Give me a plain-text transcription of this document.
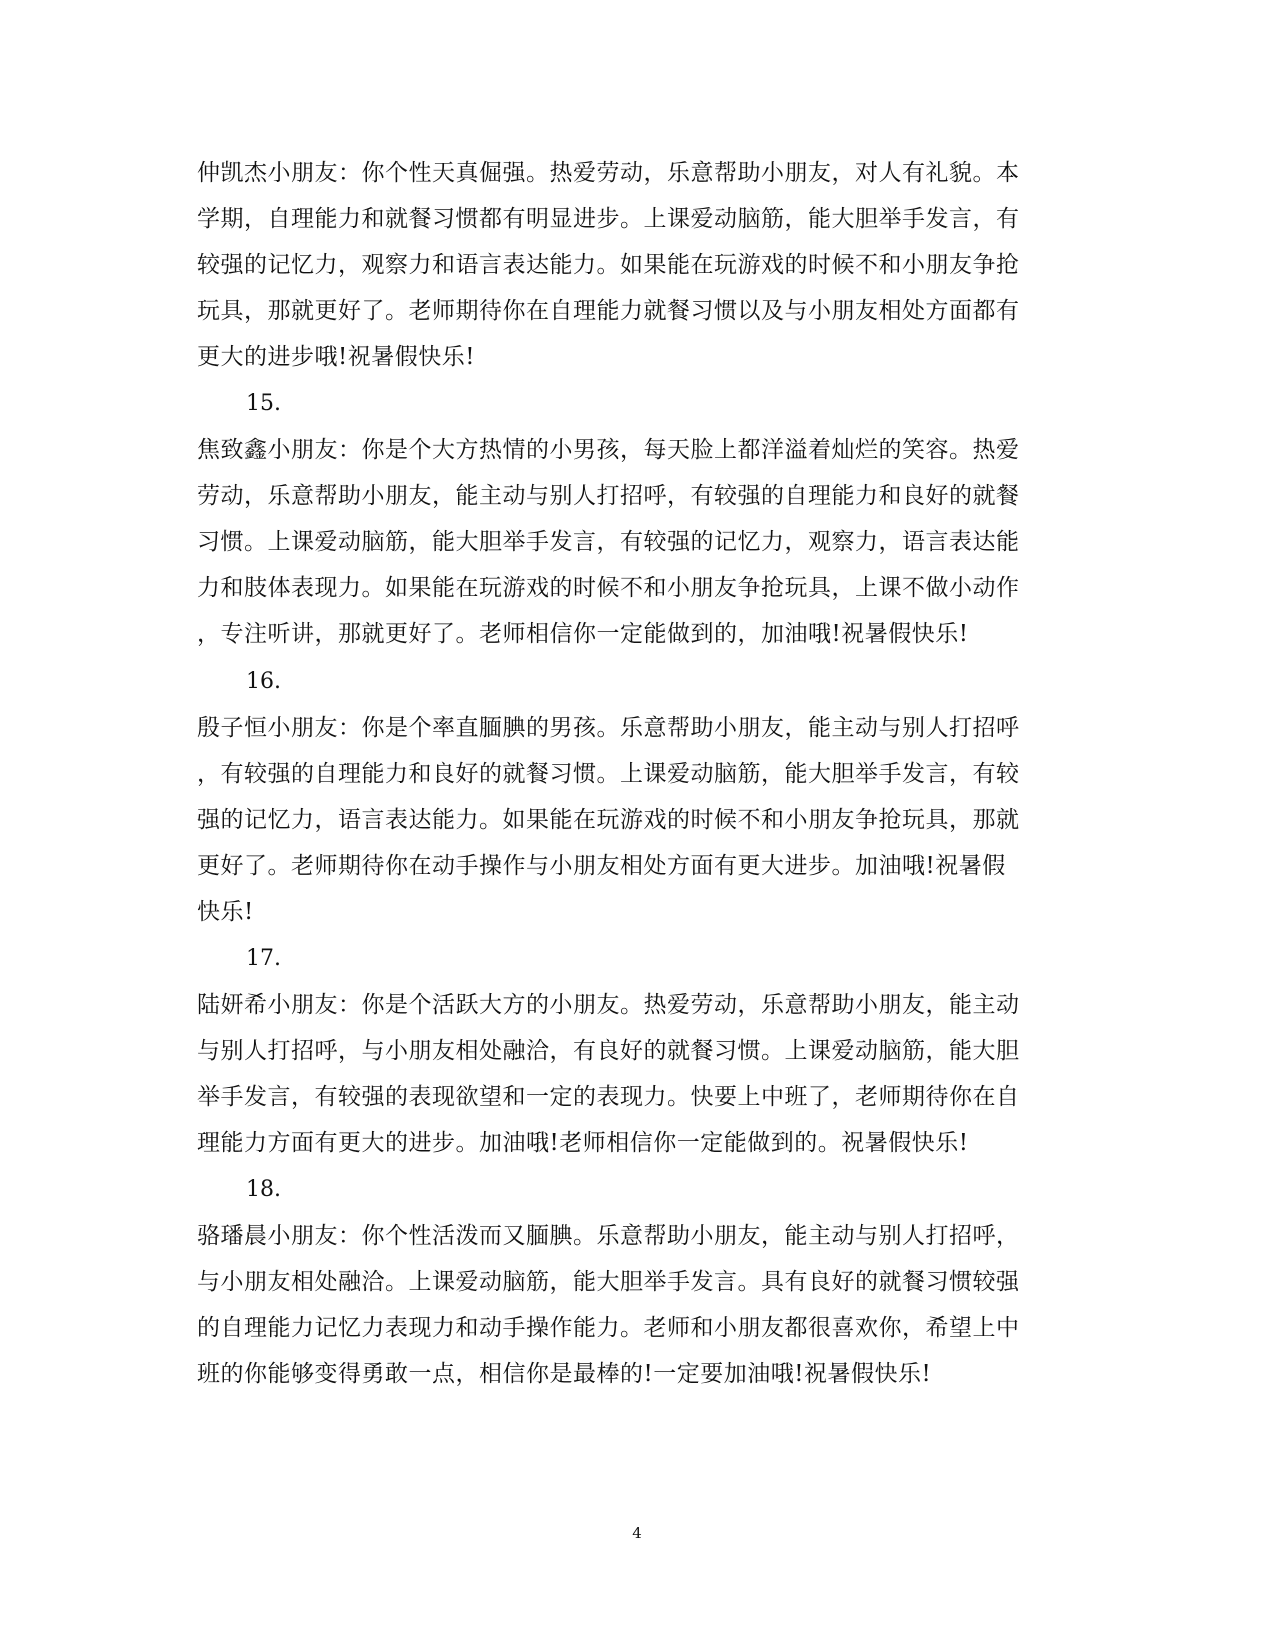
仲凯杰小朋友：你个性天真倔强。热爱劳动，乐意帮助小朋友，对人有礼貌。本
学期，自理能力和就餐习惯都有明显进步。上课爱动脑筋，能大胆举手发言，有
较强的记忆力，观察力和语言表达能力。如果能在玩游戏的时候不和小朋友争抢
玩具，那就更好了。老师期待你在自理能力就餐习惯以及与小朋友相处方面都有
更大的进步哦!祝暑假快乐!
15.
焦致鑫小朋友：你是个大方热情的小男孩，每天脸上都洋溢着灿烂的笑容。热爱
劳动，乐意帮助小朋友，能主动与别人打招呼，有较强的自理能力和良好的就餐
习惯。上课爱动脑筋，能大胆举手发言，有较强的记忆力，观察力，语言表达能
力和肢体表现力。如果能在玩游戏的时候不和小朋友争抢玩具，上课不做小动作
，专注听讲，那就更好了。老师相信你一定能做到的，加油哦!祝暑假快乐!
16.
殷子恒小朋友：你是个率直腼腆的男孩。乐意帮助小朋友，能主动与别人打招呼
，有较强的自理能力和良好的就餐习惯。上课爱动脑筋，能大胆举手发言，有较
强的记忆力，语言表达能力。如果能在玩游戏的时候不和小朋友争抢玩具，那就
更好了。老师期待你在动手操作与小朋友相处方面有更大进步。加油哦!祝暑假
快乐!
17.
陆妍希小朋友：你是个活跃大方的小朋友。热爱劳动，乐意帮助小朋友，能主动
与别人打招呼，与小朋友相处融洽，有良好的就餐习惯。上课爱动脑筋，能大胆
举手发言，有较强的表现欲望和一定的表现力。快要上中班了，老师期待你在自
理能力方面有更大的进步。加油哦!老师相信你一定能做到的。祝暑假快乐!
18.
骆璠晨小朋友：你个性活泼而又腼腆。乐意帮助小朋友，能主动与别人打招呼，
与小朋友相处融洽。上课爱动脑筋，能大胆举手发言。具有良好的就餐习惯较强
的自理能力记忆力表现力和动手操作能力。老师和小朋友都很喜欢你，希望上中
班的你能够变得勇敢一点，相信你是最棒的!一定要加油哦!祝暑假快乐!
4
